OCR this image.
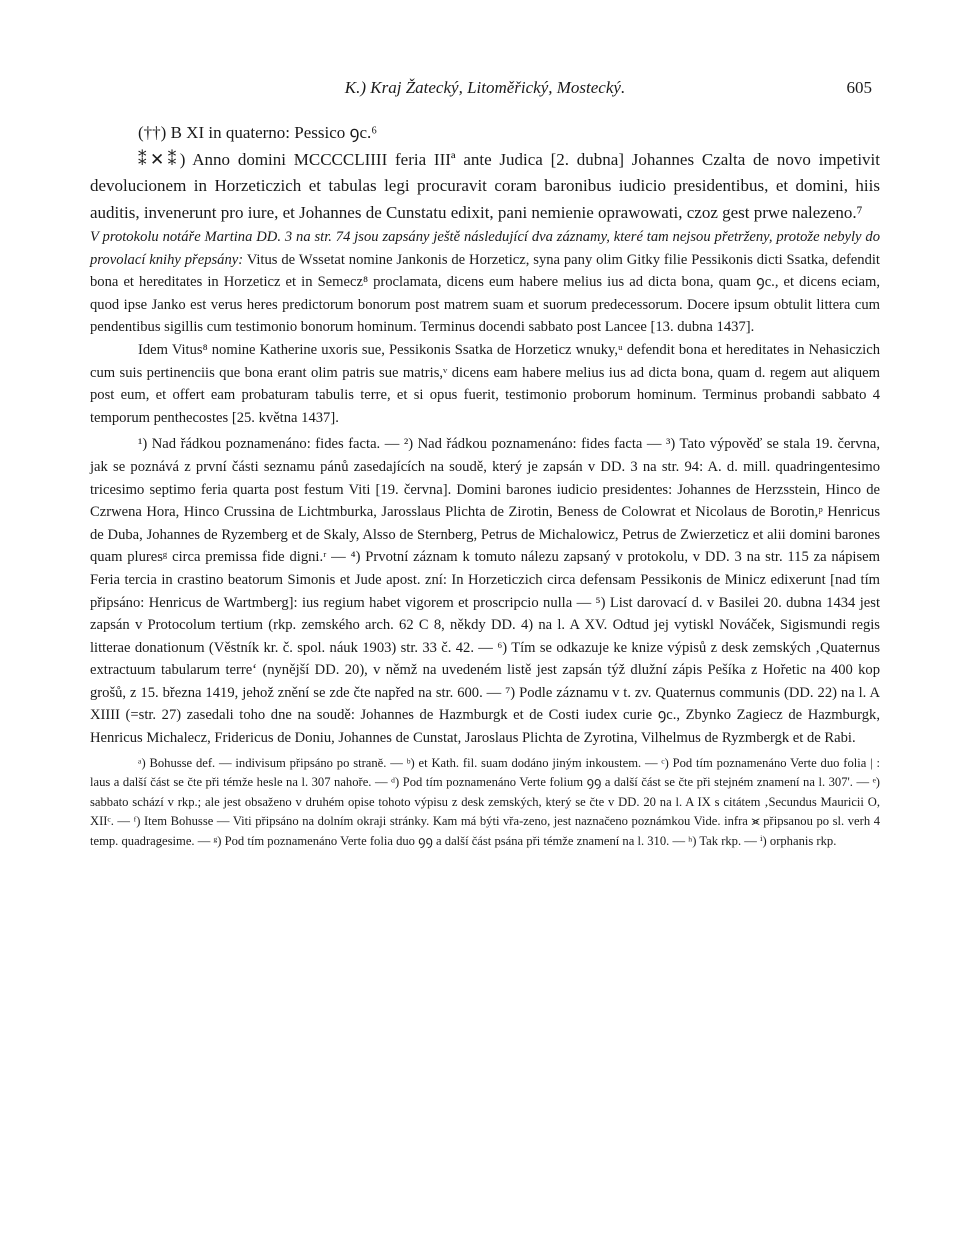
K.) Kraj Žatecký, Litoměřický, Mostecký.	605

(††) B XI in quaterno: Pessico ꝯc.⁶

⁑✕⁑) Anno domini MCCCCLIIII feria IIIª ante Judica [2. dubna] Johannes Czalta de novo impetivit devolucionem in Horzeticzich et tabulas legi procuravit coram baronibus iudicio presidentibus, et domini, hiis auditis, invenerunt pro iure, et Johannes de Cunstatu edixit, pani nemienie oprawowati, czoz gest prwe nalezeno.⁷

V protokolu notáře Martina DD. 3 na str. 74 jsou zapsány ještě následující dva záznamy, které tam nejsou přetrženy, protože nebyly do provolací knihy přepsány: Vitus de Wssetat nomine Jankonis de Horzeticz, syna pany olim Gitky filie Pessikonis dicti Ssatka, defendit bona et hereditates in Horzeticz et in Semecz⁸ proclamata, dicens eum habere melius ius ad dicta bona, quam ꝯc., et dicens eciam, quod ipse Janko est verus heres predictorum bonorum post matrem suam et suorum predecessorum. Docere ipsum obtulit littera cum pendentibus sigillis cum testimonio bonorum hominum. Terminus docendi sabbato post Lancee [13. dubna 1437].

Idem Vitus⁸ nomine Katherine uxoris sue, Pessikonis Ssatka de Horzeticz wnuky,ᵘ defendit bona et hereditates in Nehasiczich cum suis pertinenciis que bona erant olim patris sue matris,ᵛ dicens eam habere melius ius ad dicta bona, quam d. regem aut aliquem post eum, et offert eam probaturam tabulis terre, et si opus fuerit, testimonio proborum hominum. Terminus probandi sabbato 4 temporum penthecostes [25. května 1437].

¹) Nad řádkou poznamenáno: fides facta. — ²) Nad řádkou poznamenáno: fides facta — ³) Tato výpověď se stala 19. června, jak se poznává z první části seznamu pánů zasedajících na soudě, který je zapsán v DD. 3 na str. 94: A. d. mill. quadringentesimo tricesimo septimo feria quarta post festum Viti [19. června]. Domini barones iudicio presidentes: Johannes de Herzsstein, Hinco de Czrwena Hora, Hinco Crussina de Lichtmburka, Jarosslaus Plichta de Zirotin, Beness de Colowrat et Nicolaus de Borotin,ᵖ Henricus de Duba, Johannes de Ryzemberg et de Skaly, Alsso de Sternberg, Petrus de Michalowicz, Petrus de Zwierzeticz et alii domini barones quam pluresᵍ circa premissa fide digni.ʳ — ⁴) Prvotní záznam k tomuto nálezu zapsaný v protokolu, v DD. 3 na str. 115 za nápisem Feria tercia in crastino beatorum Simonis et Jude apost. zní: In Horzeticzich circa defensam Pessikonis de Minicz edixerunt [nad tím připsáno: Henricus de Wartmberg]: ius regium habet vigorem et proscripcio nulla — ⁵) List darovací d. v Basilei 20. dubna 1434 jest zapsán v Protocolum tertium (rkp. zemského arch. 62 C 8, někdy DD. 4) na l. A XV. Odtud jej vytiskl Nováček, Sigismundi regis litterae donationum (Věstník kr. č. spol. náuk 1903) str. 33 č. 42. — ⁶) Tím se odkazuje ke knize výpisů z desk zemských ‚Quaternus extractuum tabularum terre‘ (nynější DD. 20), v němž na uvedeném listě jest zapsán týž dlužní zápis Pešíka z Hořetic na 400 kop grošů, z 15. března 1419, jehož znění se zde čte napřed na str. 600. — ⁷) Podle záznamu v t. zv. Quaternus communis (DD. 22) na l. A XIIII (=str. 27) zasedali toho dne na soudě: Johannes de Hazmburgk et de Costi iudex curie ꝯc., Zbynko Zagiecz de Hazmburgk, Henricus Michalecz, Fridericus de Doniu, Johannes de Cunstat, Jaroslaus Plichta de Zyrotina, Vilhelmus de Ryzmbergk et de Rabi.

ᵃ) Bohusse def. — indivisum připsáno po straně. — ᵇ) et Kath. fil. suam dodáno jiným inkoustem. — ᶜ) Pod tím poznamenáno Verte duo folia | : laus a další část se čte při témže hesle na l. 307 nahoře. — ᵈ) Pod tím poznamenáno Verte folium ꝯꝯ a další část se čte při stejném znamení na l. 307'. — ᵉ) sabbato schází v rkp.; ale jest obsaženo v druhém opise tohoto výpisu z desk zemských, který se čte v DD. 20 na l. A IX s citátem ‚Secundus Mauricii O, XIIᶜ. — ᶠ) Item Bohusse — Viti připsáno na dolním okraji stránky. Kam má býti vřa-zeno, jest naznačeno poznámkou Vide. infra ⪤ připsanou po sl. verh 4 temp. quadragesime. — ᵍ) Pod tím poznamenáno Verte folia duo ꝯꝯ a další část psána při témže znamení na l. 310. — ʰ) Tak rkp. — ⁱ) orphanis rkp.
